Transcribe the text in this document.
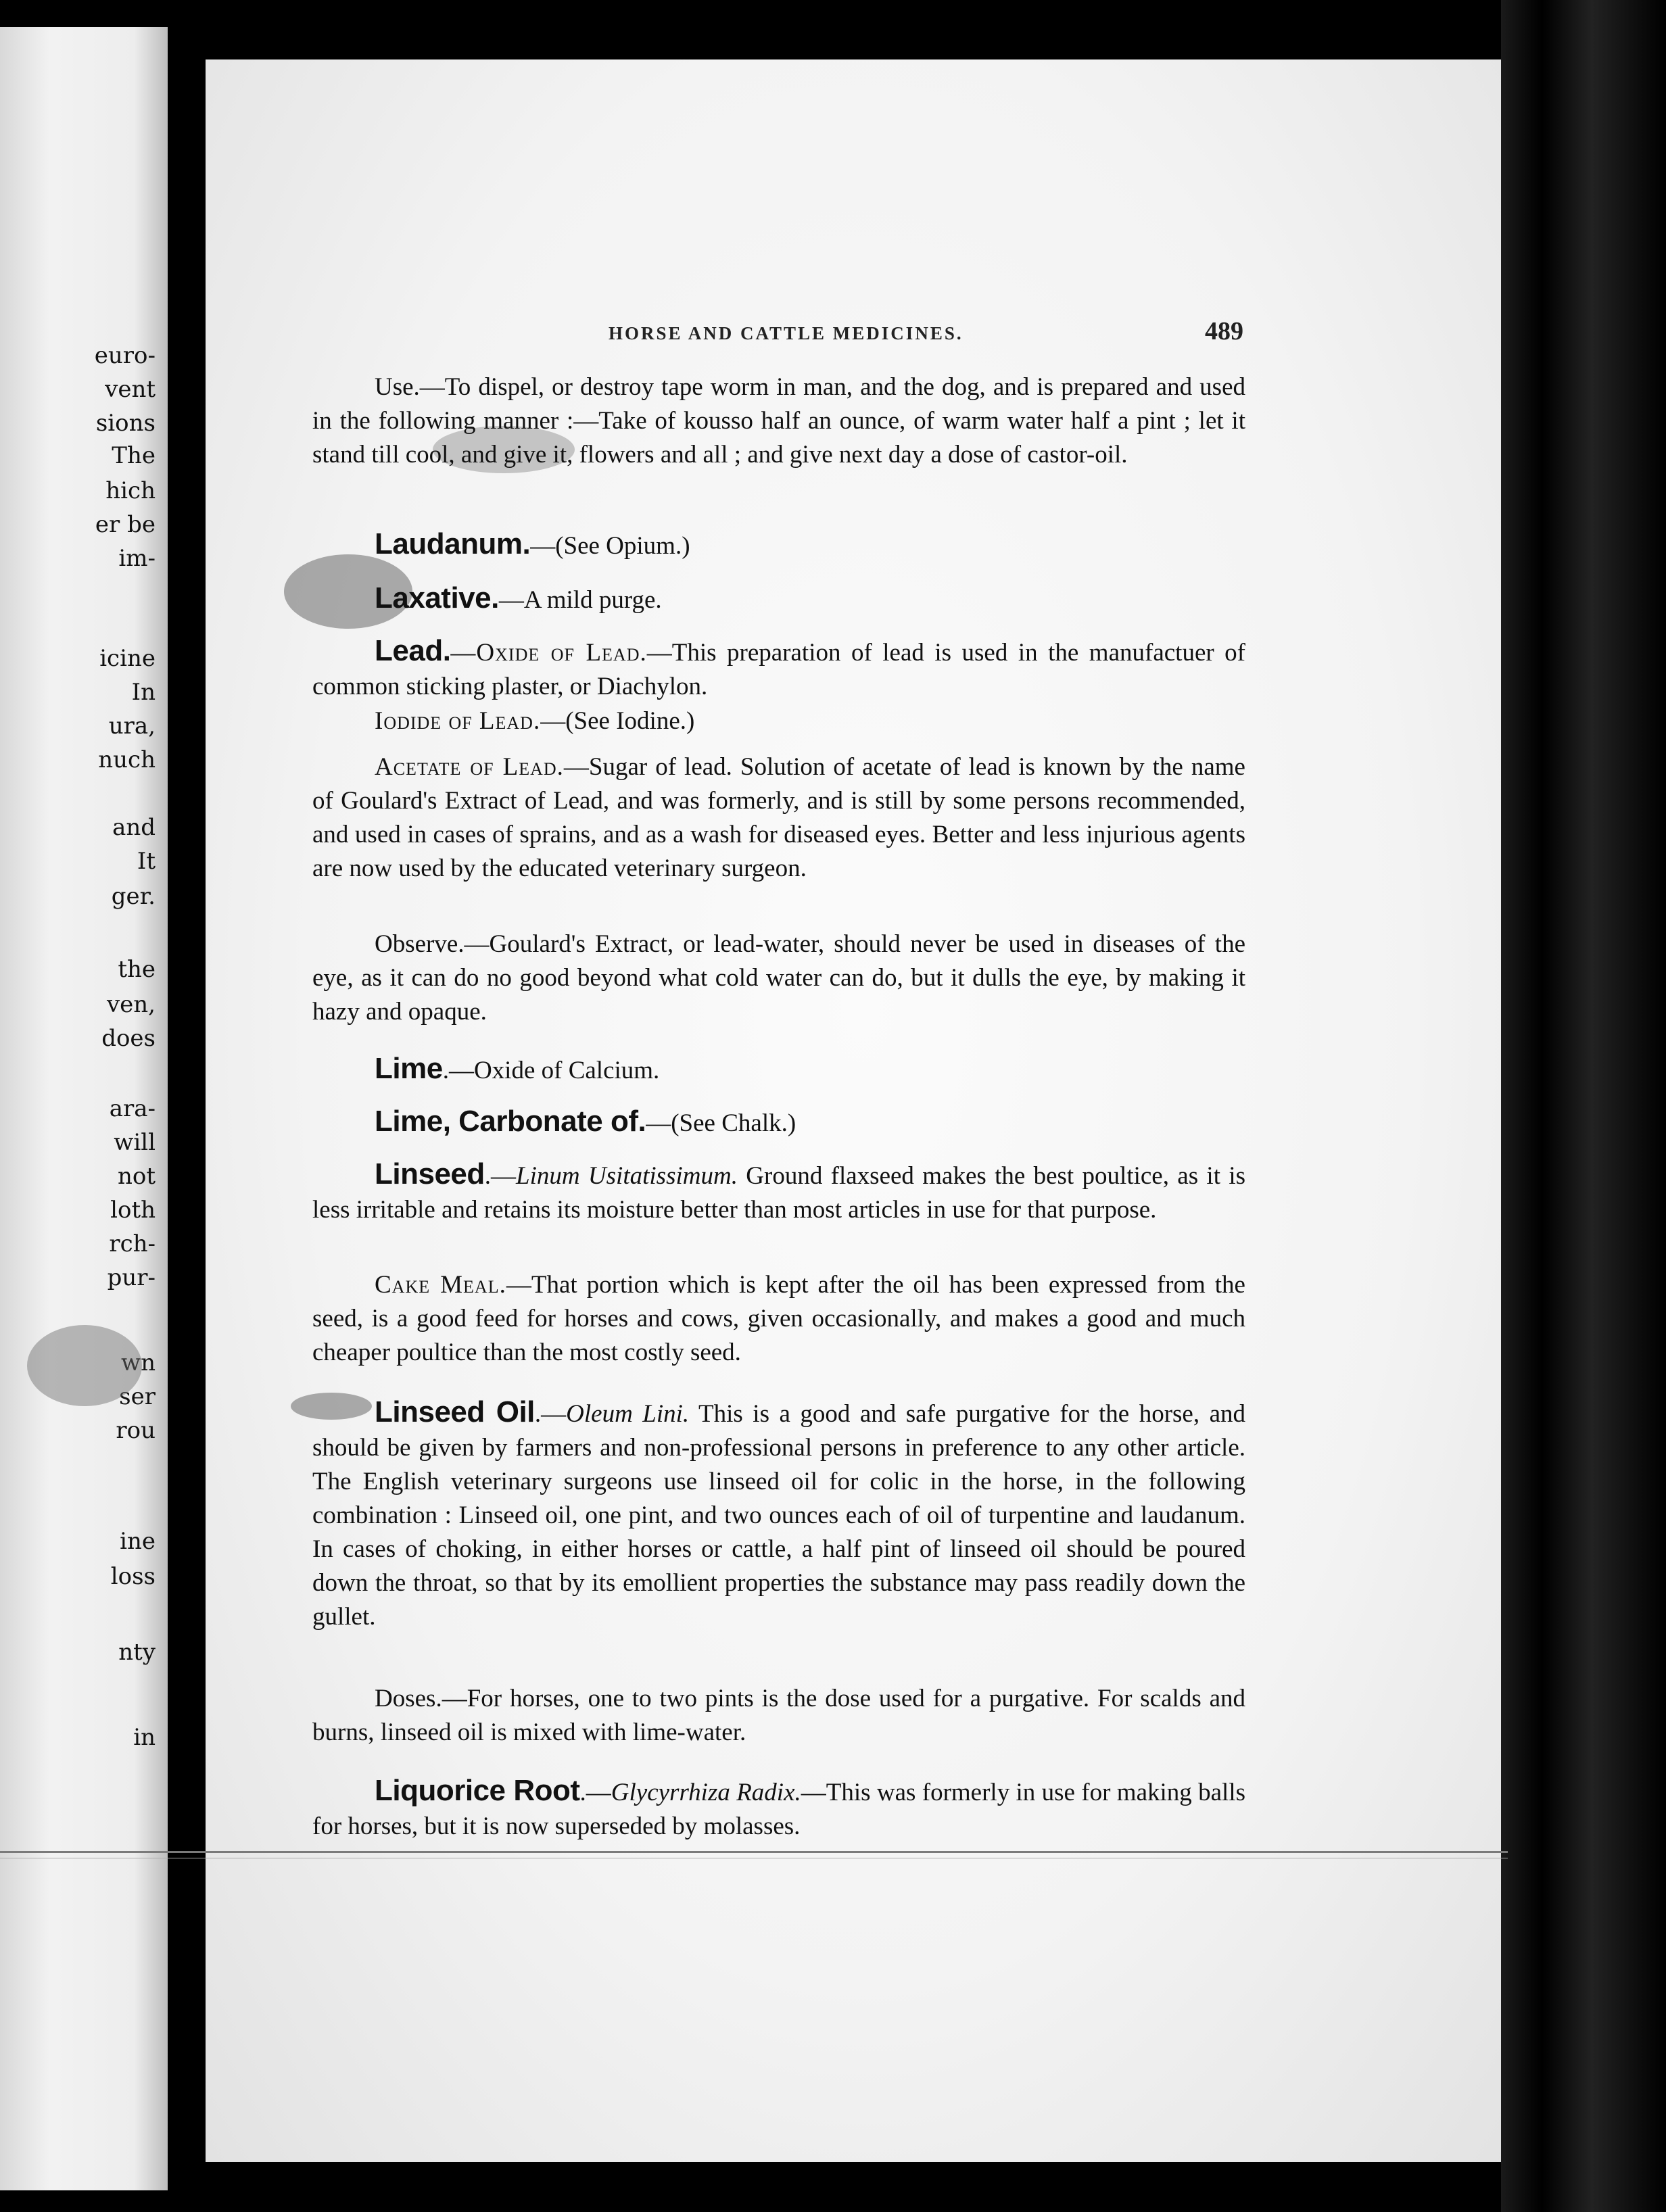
euro-
vent
sions
The
hich
er be
im-
icine
In
ura,
nuch
and
It
ger.
the
ven,
does
ara-
will
not
loth
rch-
pur-
wn
ser
rou
ine
loss
nty
in
HORSE AND CATTLE MEDICINES.	489
Use.—To dispel, or destroy tape worm in man, and the dog, and is prepared and used in the following manner :—Take of kousso half an ounce, of warm water half a pint ; let it stand till cool, and give it, flowers and all ; and give next day a dose of castor-oil.
Laudanum.—(See Opium.)
Laxative.—A mild purge.
Lead.—Oxide of Lead.—This preparation of lead is used in the manufactuer of common sticking plaster, or Diachylon.
Iodide of Lead.—(See Iodine.)
Acetate of Lead.—Sugar of lead. Solution of acetate of lead is known by the name of Goulard's Extract of Lead, and was formerly, and is still by some persons recommended, and used in cases of sprains, and as a wash for diseased eyes. Better and less injurious agents are now used by the educated veterinary surgeon.
Observe.—Goulard's Extract, or lead-water, should never be used in diseases of the eye, as it can do no good beyond what cold water can do, but it dulls the eye, by making it hazy and opaque.
Lime.—Oxide of Calcium.
Lime, Carbonate of.—(See Chalk.)
Linseed.—Linum Usitatissimum. Ground flaxseed makes the best poultice, as it is less irritable and retains its moisture better than most articles in use for that purpose.
Cake Meal.—That portion which is kept after the oil has been expressed from the seed, is a good feed for horses and cows, given occasionally, and makes a good and much cheaper poultice than the most costly seed.
Linseed Oil.—Oleum Lini. This is a good and safe purgative for the horse, and should be given by farmers and non-professional persons in preference to any other article. The English veterinary surgeons use linseed oil for colic in the horse, in the following combination : Linseed oil, one pint, and two ounces each of oil of turpentine and laudanum. In cases of choking, in either horses or cattle, a half pint of linseed oil should be poured down the throat, so that by its emollient properties the substance may pass readily down the gullet.
Doses.—For horses, one to two pints is the dose used for a purgative. For scalds and burns, linseed oil is mixed with lime-water.
Liquorice Root.—Glycyrrhiza Radix.—This was formerly in use for making balls for horses, but it is now superseded by molasses.
